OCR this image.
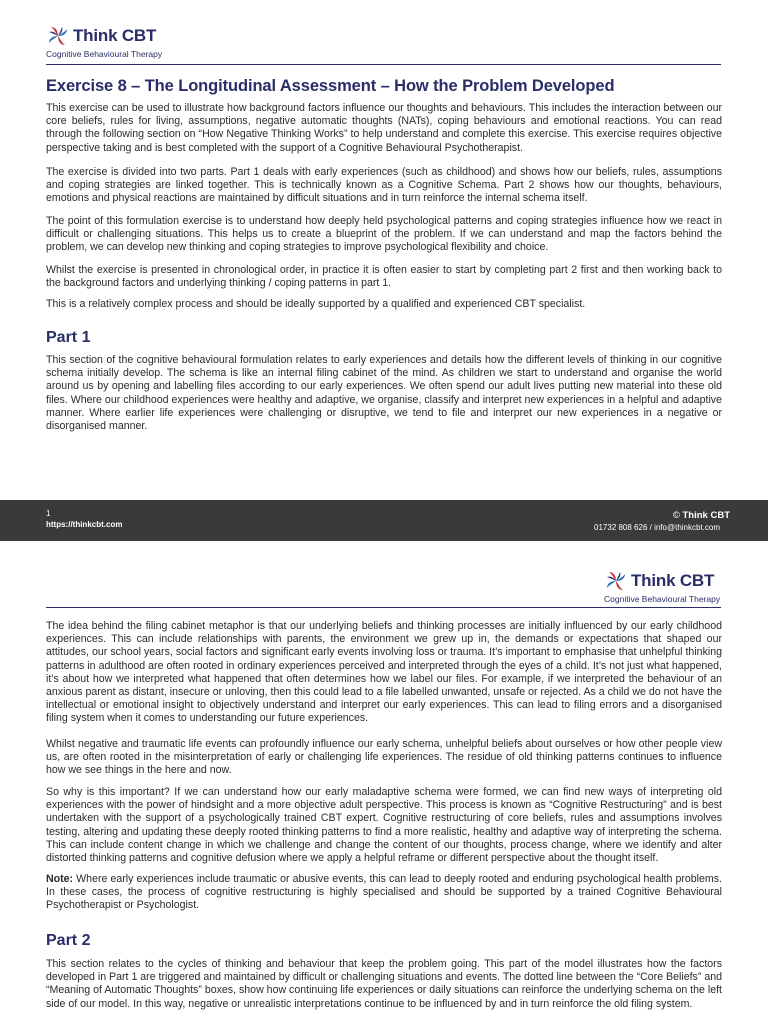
Think CBT
Cognitive Behavioural Therapy
Exercise 8 – The Longitudinal Assessment – How the Problem Developed

This exercise can be used to illustrate how background factors influence our thoughts and behaviours. This includes the interaction between our core beliefs, rules for living, assumptions, negative automatic thoughts (NATs), coping behaviours and emotional reactions. You can read through the following section on “How Negative Thinking Works” to help understand and complete this exercise. This exercise requires objective perspective taking and is best completed with the support of a Cognitive Behavioural Psychotherapist.

The exercise is divided into two parts. Part 1 deals with early experiences (such as childhood) and shows how our beliefs, rules, assumptions and coping strategies are linked together. This is technically known as a Cognitive Schema. Part 2 shows how our thoughts, behaviours, emotions and physical reactions are maintained by difficult situations and in turn reinforce the internal schema itself.

The point of this formulation exercise is to understand how deeply held psychological patterns and coping strategies influence how we react in difficult or challenging situations. This helps us to create a blueprint of the problem. If we can understand and map the factors behind the problem, we can develop new thinking and coping strategies to improve psychological flexibility and choice.

Whilst the exercise is presented in chronological order, in practice it is often easier to start by completing part 2 first and then working back to the background factors and underlying thinking / coping patterns in part 1.

This is a relatively complex process and should be ideally supported by a qualified and experienced CBT specialist.

Part 1

This section of the cognitive behavioural formulation relates to early experiences and details how the different levels of thinking in our cognitive schema initially develop. The schema is like an internal filing cabinet of the mind. As children we start to understand and organise the world around us by opening and labelling files according to our early experiences. We often spend our adult lives putting new material into these old files. Where our childhood experiences were healthy and adaptive, we organise, classify and interpret new experiences in a helpful and adaptive manner. Where earlier life experiences were challenging or disruptive, we tend to file and interpret our new experiences in a negative or disorganised manner.

1
https://thinkcbt.com
© Think CBT
01732 808 626 / info@thinkcbt.com
Think CBT
Cognitive Behavioural Therapy

The idea behind the filing cabinet metaphor is that our underlying beliefs and thinking processes are initially influenced by our early childhood experiences. This can include relationships with parents, the environment we grew up in, the demands or expectations that shaped our attitudes, our school years, social factors and significant early events involving loss or trauma. It’s important to emphasise that unhelpful thinking patterns in adulthood are often rooted in ordinary experiences perceived and interpreted through the eyes of a child. It’s not just what happened, it’s about how we interpreted what happened that often determines how we label our files. For example, if we interpreted the behaviour of an anxious parent as distant, insecure or unloving, then this could lead to a file labelled unwanted, unsafe or rejected. As a child we do not have the intellectual or emotional insight to objectively understand and interpret our early experiences. This can lead to filing errors and a disorganised filing system when it comes to understanding our future experiences.

Whilst negative and traumatic life events can profoundly influence our early schema, unhelpful beliefs about ourselves or how other people view us, are often rooted in the misinterpretation of early or challenging life experiences. The residue of old thinking patterns continues to influence how we see things in the here and now.

So why is this important? If we can understand how our early maladaptive schema were formed, we can find new ways of interpreting old experiences with the power of hindsight and a more objective adult perspective. This process is known as “Cognitive Restructuring” and is best undertaken with the support of a psychologically trained CBT expert. Cognitive restructuring of core beliefs, rules and assumptions involves testing, altering and updating these deeply rooted thinking patterns to find a more realistic, healthy and adaptive way of interpreting the schema. This can include content change in which we challenge and change the content of our thoughts, process change, where we identify and alter distorted thinking patterns and cognitive defusion where we apply a helpful reframe or different perspective about the thought itself.

Note: Where early experiences include traumatic or abusive events, this can lead to deeply rooted and enduring psychological health problems. In these cases, the process of cognitive restructuring is highly specialised and should be supported by a trained Cognitive Behavioural Psychotherapist or Psychologist.

Part 2

This section relates to the cycles of thinking and behaviour that keep the problem going. This part of the model illustrates how the factors developed in Part 1 are triggered and maintained by difficult or challenging situations and events. The dotted line between the “Core Beliefs” and “Meaning of Automatic Thoughts” boxes, show how continuing life experiences or daily situations can reinforce the underlying schema on the left side of our model. In this way, negative or unrealistic interpretations continue to be influenced by and in turn reinforce the old filing system.
